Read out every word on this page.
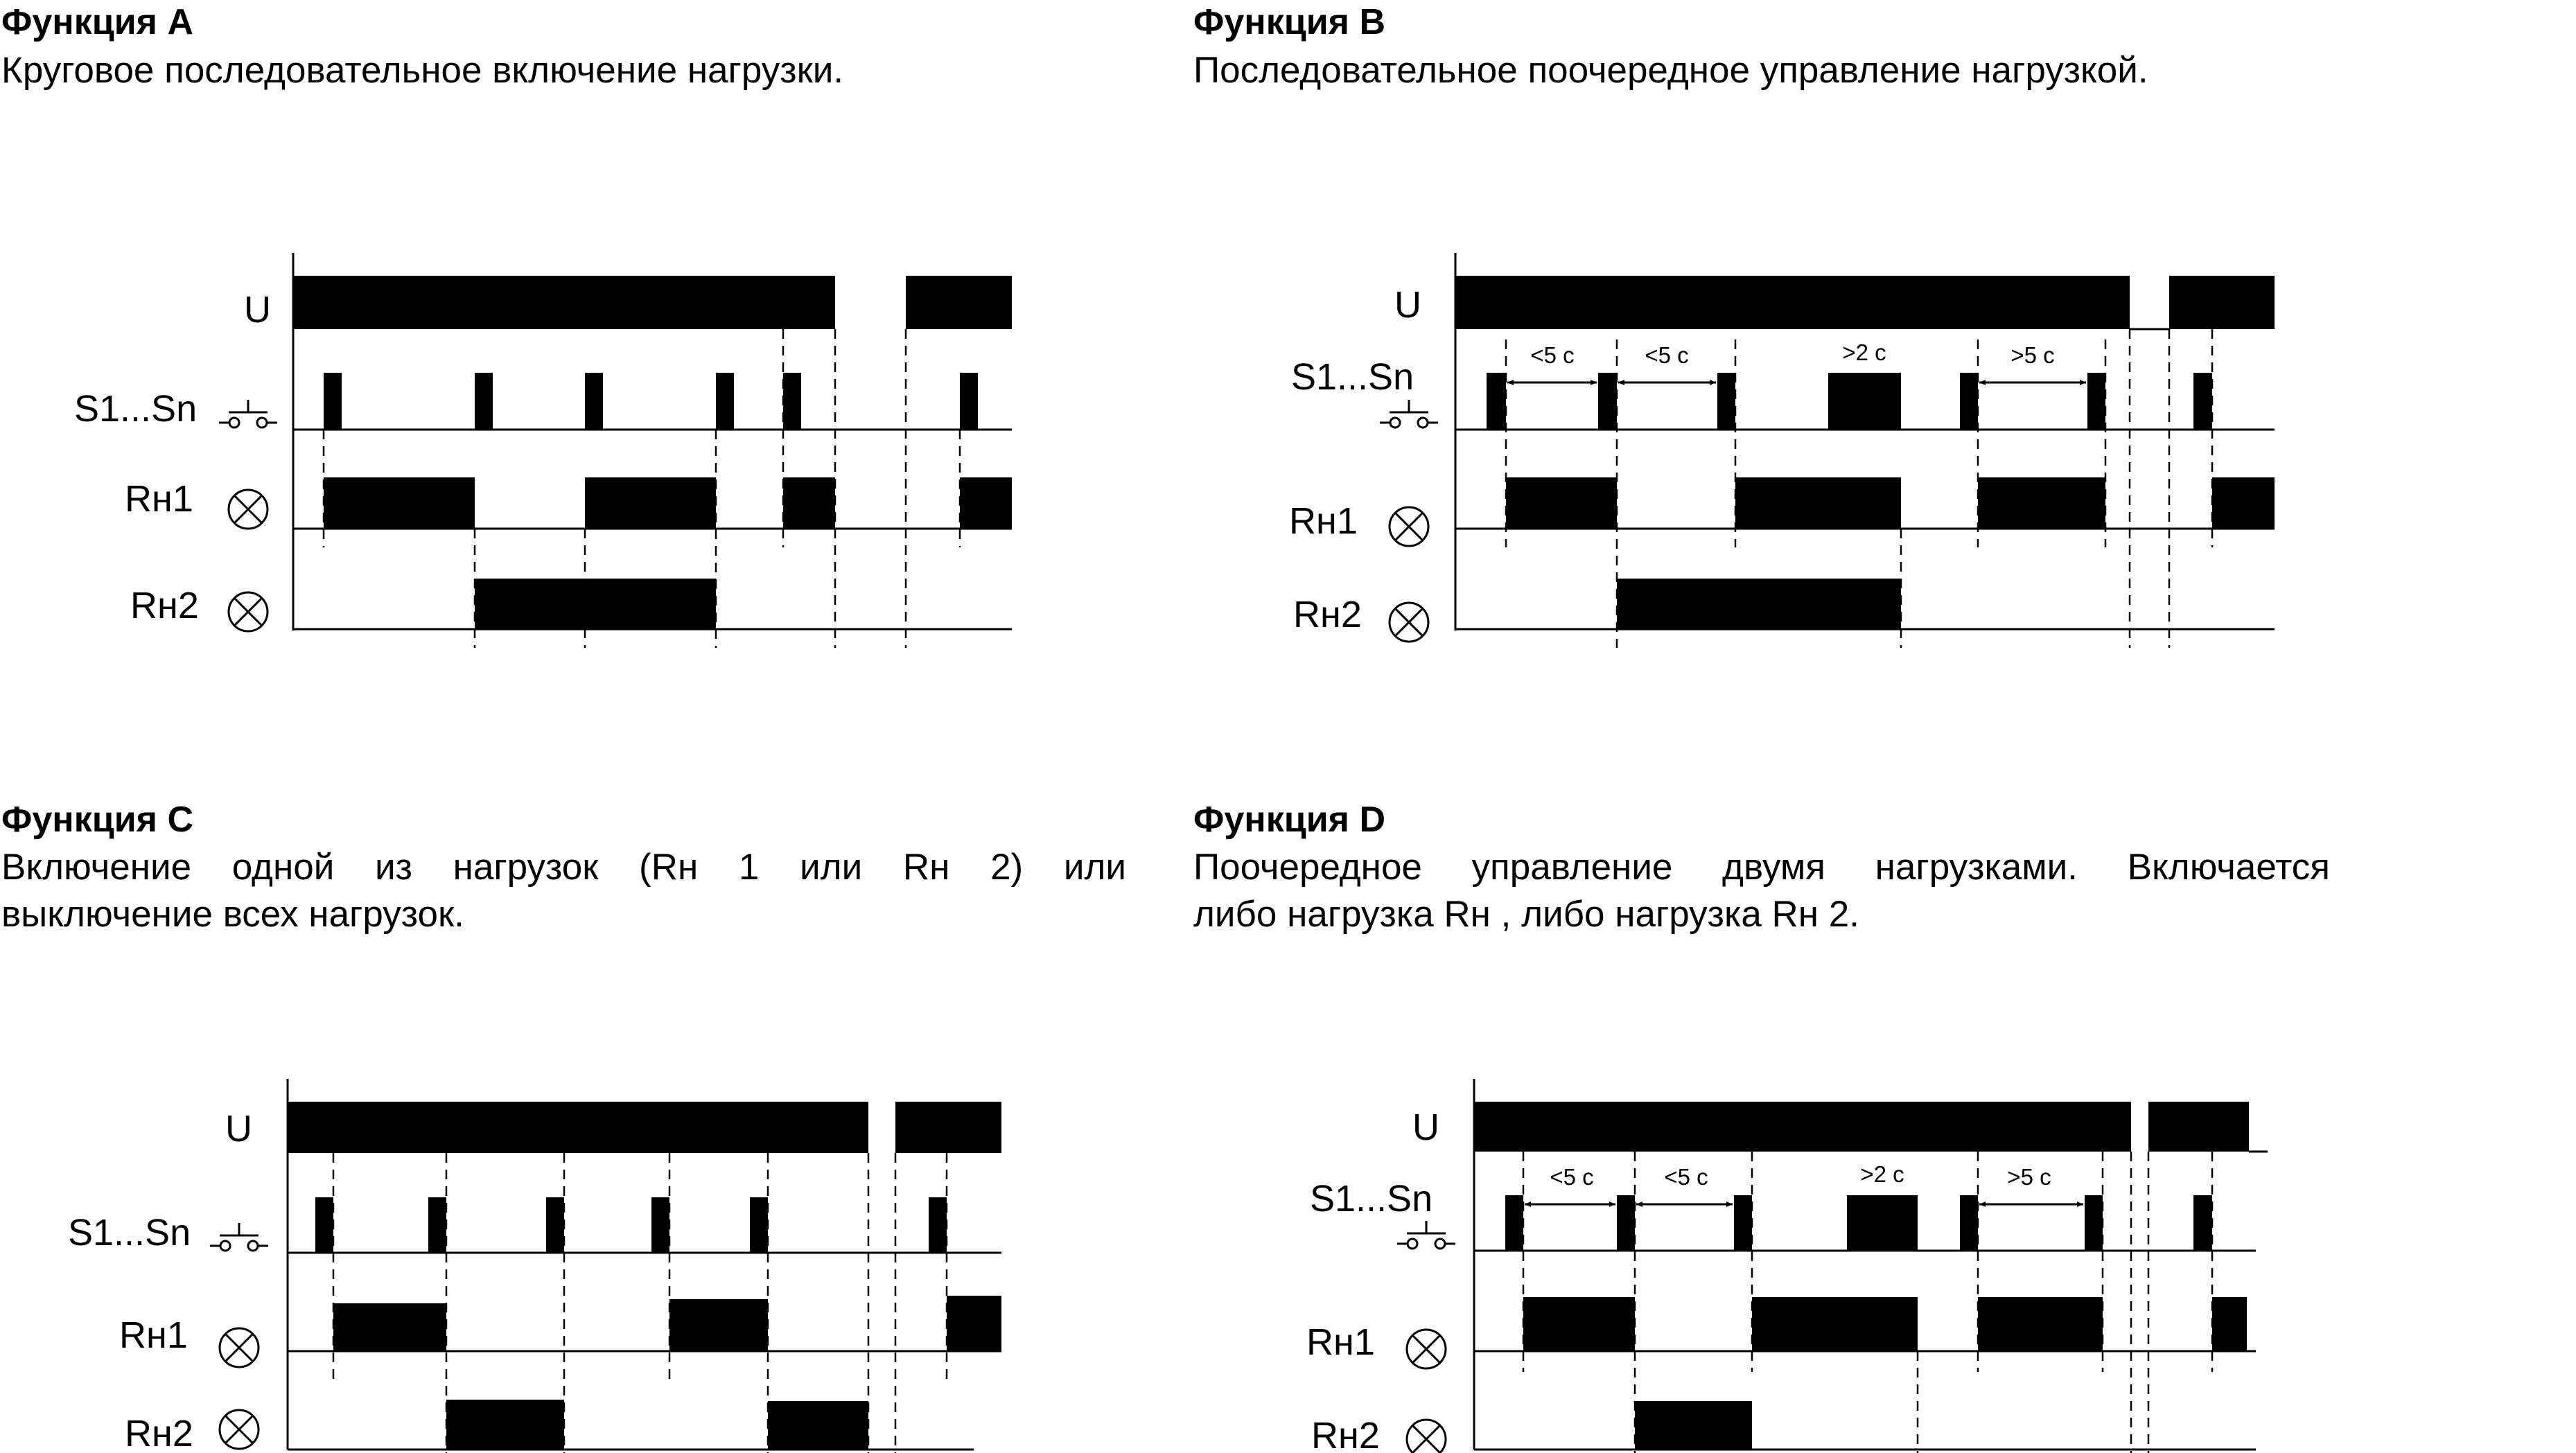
Функция A
Круговое последовательное включение нагрузки.
Функция B
Последовательное поочередное управление нагрузкой.
Функция C
Включение одной из нагрузок (Rн 1 или Rн 2) или
выключение всех нагрузок.
Функция D
Поочередное управление двумя нагрузками. Включается
либо нагрузка Rн , либо нагрузка Rн 2.
U
S1...Sn
Rн1
Rн2
<5 c	<5 c	>2 c	>5 c
U
S1...Sn
Rн1
Rн2
U
S1...Sn
Rн1
Rн2
<5 c	<5 c	>2 c	>5 c
U
S1...Sn
Rн1
Rн2
